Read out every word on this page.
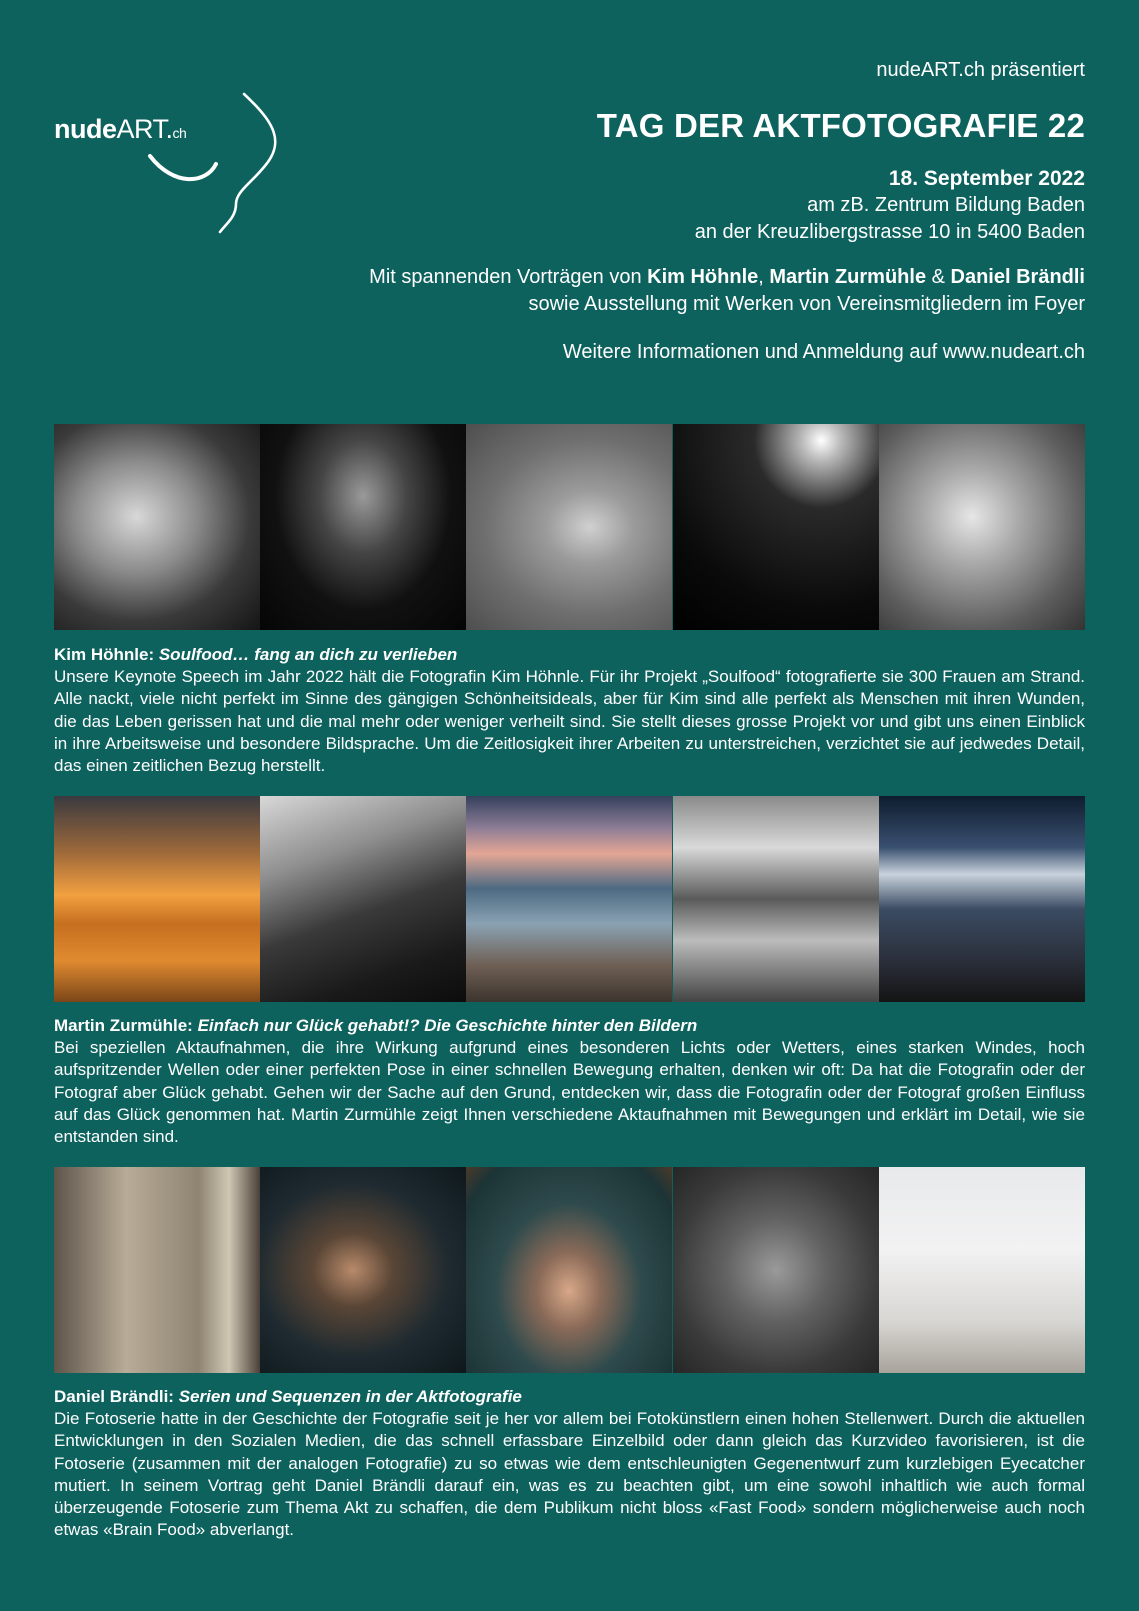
nudeART.ch
nudeART.ch präsentiert
TAG DER AKTFOTOGRAFIE 22
18. September 2022
am zB. Zentrum Bildung Baden
an der Kreuzlibergstrasse 10 in 5400 Baden
Mit spannenden Vorträgen von Kim Höhnle, Martin Zurmühle & Daniel Brändli
sowie Ausstellung mit Werken von Vereinsmitgliedern im Foyer
Weitere Informationen und Anmeldung auf www.nudeart.ch
Kim Höhnle: Soulfood… fang an dich zu verlieben
Unsere Keynote Speech im Jahr 2022 hält die Fotografin Kim Höhnle. Für ihr Projekt „Soulfood“ fotografierte sie 300 Frauen am Strand. Alle nackt, viele nicht perfekt im Sinne des gängigen Schönheitsideals, aber für Kim sind alle perfekt als Menschen mit ihren Wunden, die das Leben gerissen hat und die mal mehr oder weniger verheilt sind. Sie stellt dieses grosse Projekt vor und gibt uns einen Einblick in ihre Arbeitsweise und besondere Bildsprache. Um die Zeitlosigkeit ihrer Arbeiten zu unterstreichen, verzichtet sie auf jedwedes Detail, das einen zeitlichen Bezug herstellt.
Martin Zurmühle: Einfach nur Glück gehabt!? Die Geschichte hinter den Bildern
Bei speziellen Aktaufnahmen, die ihre Wirkung aufgrund eines besonderen Lichts oder Wetters, eines starken Windes, hoch aufspritzender Wellen oder einer perfekten Pose in einer schnellen Bewegung erhalten, denken wir oft: Da hat die Fotografin oder der Fotograf aber Glück gehabt. Gehen wir der Sache auf den Grund, entdecken wir, dass die Fotografin oder der Fotograf großen Einfluss auf das Glück genommen hat. Martin Zurmühle zeigt Ihnen verschiedene Aktaufnahmen mit Bewegungen und erklärt im Detail, wie sie entstanden sind.
Daniel Brändli: Serien und Sequenzen in der Aktfotografie
Die Fotoserie hatte in der Geschichte der Fotografie seit je her vor allem bei Fotokünstlern einen hohen Stellenwert. Durch die aktuellen Entwicklungen in den Sozialen Medien, die das schnell erfassbare Einzelbild oder dann gleich das Kurzvideo favorisieren, ist die Fotoserie (zusammen mit der analogen Fotografie) zu so etwas wie dem entschleunigten Gegenentwurf zum kurzlebigen Eyecatcher mutiert. In seinem Vortrag geht Daniel Brändli darauf ein, was es zu beachten gibt, um eine sowohl inhaltlich wie auch formal überzeugende Fotoserie zum Thema Akt zu schaffen, die dem Publikum nicht bloss «Fast Food» sondern möglicherweise auch noch etwas «Brain Food» abverlangt.
